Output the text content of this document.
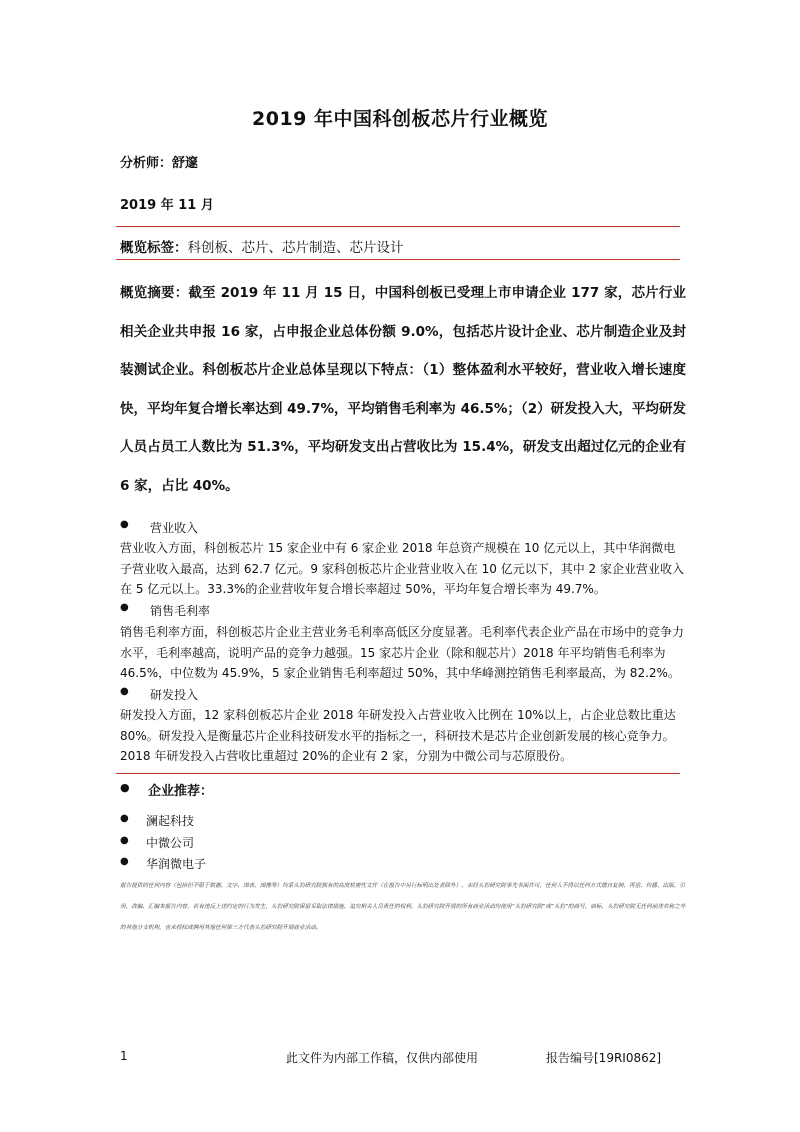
2019 年中国科创板芯片行业概览
分析师：舒邃
2019 年 11 月
概览标签：科创板、芯片、芯片制造、芯片设计
概览摘要：截至 2019 年 11 月 15 日，中国科创板已受理上市申请企业 177 家，芯片行业相关企业共申报 16 家，占申报企业总体份额 9.0%，包括芯片设计企业、芯片制造企业及封装测试企业。科创板芯片企业总体呈现以下特点：（1）整体盈利水平较好，营业收入增长速度快，平均年复合增长率达到 49.7%，平均销售毛利率为 46.5%；（2）研发投入大，平均研发人员占员工人数比为 51.3%，平均研发支出占营收比为 15.4%，研发支出超过亿元的企业有 6 家，占比 40%。
● 营业收入
营业收入方面，科创板芯片 15 家企业中有 6 家企业 2018 年总资产规模在 10 亿元以上，其中华润微电子营业收入最高，达到 62.7 亿元。9 家科创板芯片企业营业收入在 10 亿元以下，其中 2 家企业营业收入在 5 亿元以上。33.3%的企业营收年复合增长率超过 50%，平均年复合增长率为 49.7%。
● 销售毛利率
销售毛利率方面，科创板芯片企业主营业务毛利率高低区分度显著。毛利率代表企业产品在市场中的竞争力水平，毛利率越高，说明产品的竞争力越强。15 家芯片企业（除和舰芯片）2018 年平均销售毛利率为 46.5%，中位数为 45.9%，5 家企业销售毛利率超过 50%，其中华峰测控销售毛利率最高，为 82.2%。
● 研发投入
研发投入方面，12 家科创板芯片企业 2018 年研发投入占营业收入比例在 10%以上，占企业总数比重达 80%。研发投入是衡量芯片企业科技研发水平的指标之一，科研技术是芯片企业创新发展的核心竞争力。2018 年研发投入占营收比重超过 20%的企业有 2 家，分别为中微公司与芯原股份。
● 企业推荐：
● 澜起科技
● 中微公司
● 华润微电子
报告提供的任何内容（包括但不限于数据、文字、图表、图像等）均系头豹研究院独有的高度机密性文件（在报告中另行标明出处者除外）。未经头豹研究院事先书面许可，任何人不得以任何方式擅自复制、再造、传播、出版、引用、改编、汇编本报告内容，若有违反上述约定的行为发生，头豹研究院保留采取法律措施、追究相关人员责任的权利。头豹研究院开展的所有商业活动均使用“头豹研究院”或“头豹”的商号、商标，头豹研究院无任何前述名称之外的其他分支机构，也未授权或聘用其他任何第三方代表头豹研究院开展商业活动。
1	此文件为内部工作稿，仅供内部使用	报告编号[19RI0862]
